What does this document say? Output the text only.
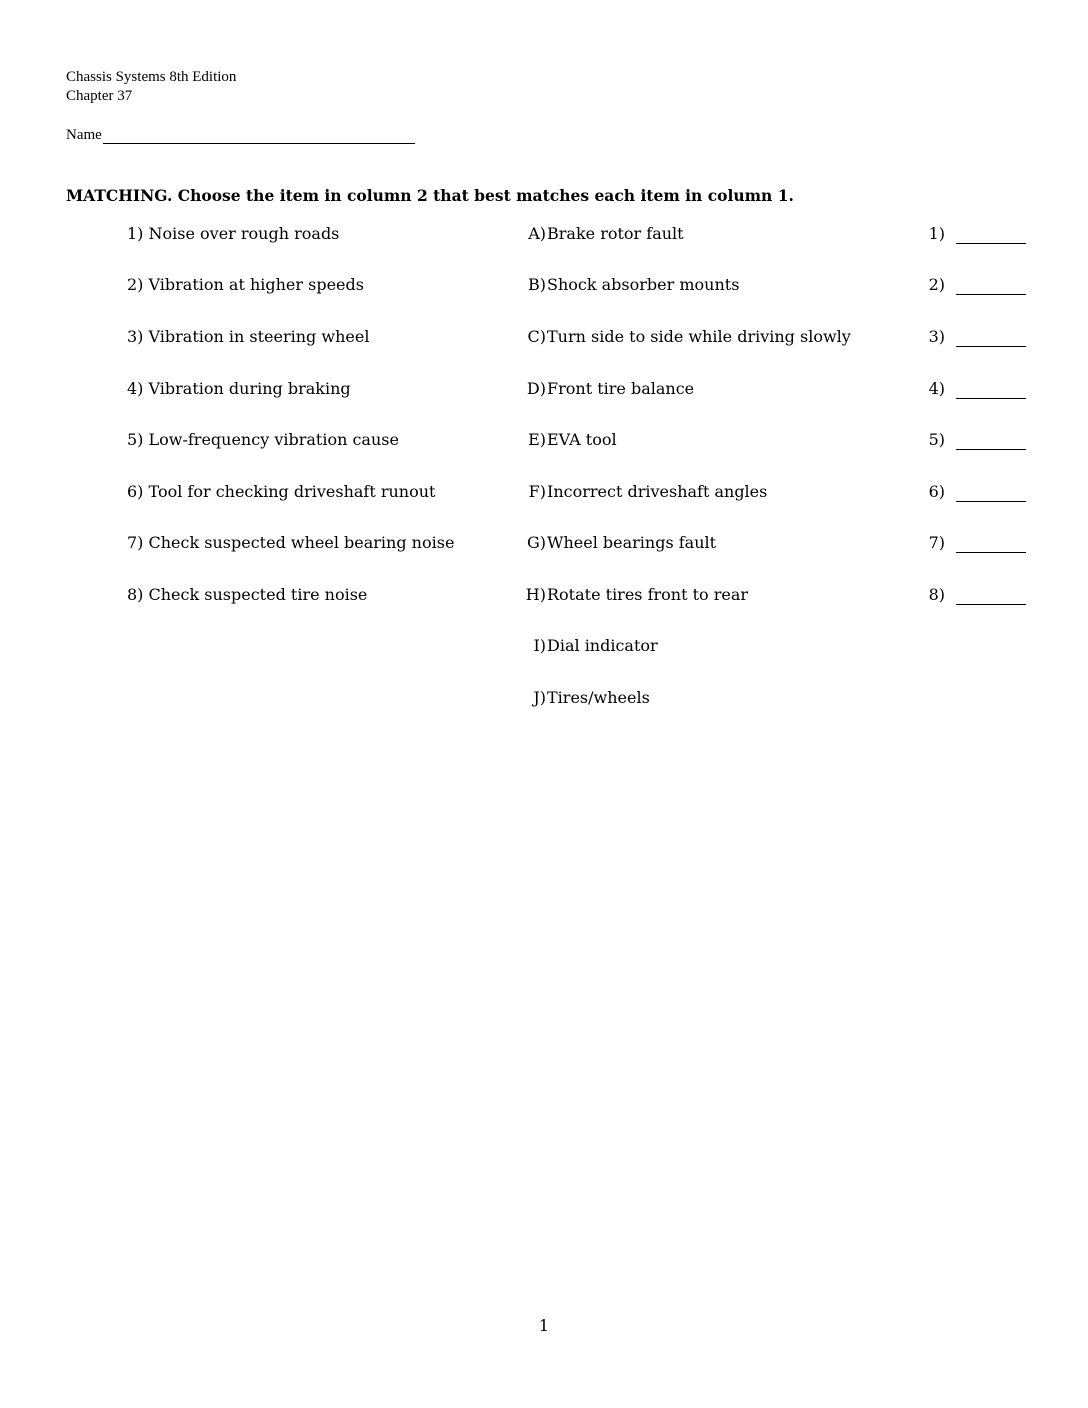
Chassis Systems 8th Edition
Chapter 37
Name
MATCHING. Choose the item in column 2 that best matches each item in column 1.
1) Noise over rough roads
2) Vibration at higher speeds
3) Vibration in steering wheel
4) Vibration during braking
5) Low-frequency vibration cause
6) Tool for checking driveshaft runout
7) Check suspected wheel bearing noise
8) Check suspected tire noise
A)
B)
C)
D)
E)
F)
G)
H)
I)
J)
Brake rotor fault
Shock absorber mounts
Turn side to side while driving slowly
Front tire balance
EVA tool
Incorrect driveshaft angles
Wheel bearings fault
Rotate tires front to rear
Dial indicator
Tires/wheels
1)
2)
3)
4)
5)
6)
7)
8)
1
